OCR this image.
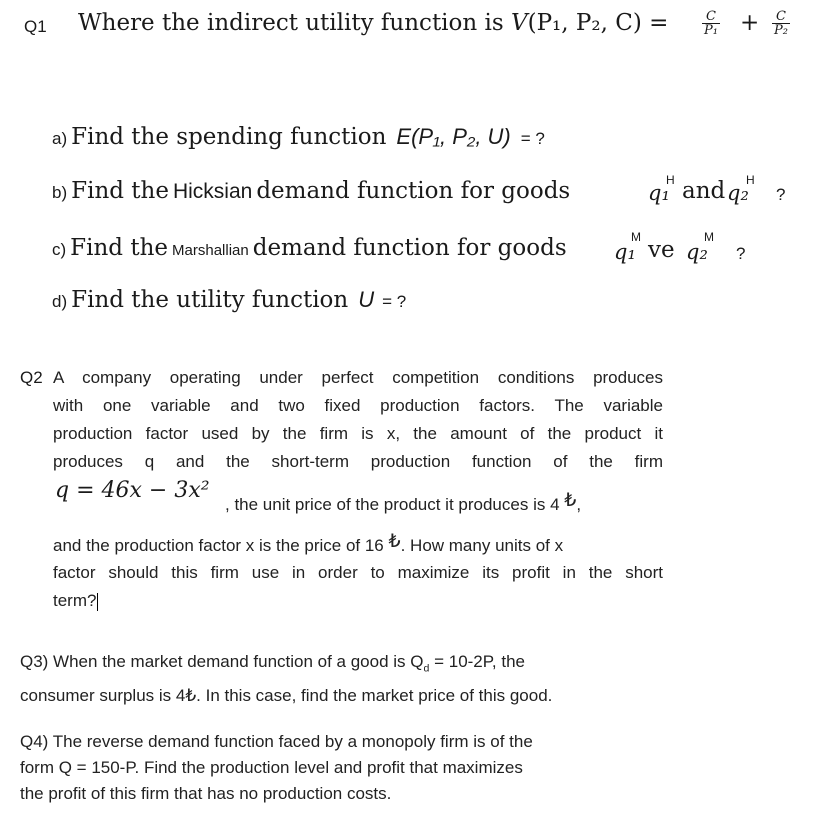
Q1 Where the indirect utility function is V(P₁, P₂, C) =	$\frac{C}{\text{P₁}} + \frac{C}{\text{P₂}}$
a) Find the spending function E(P₁, P₂, U) = ?
b) Find the Hicksian demand function for goods	q₁
H and q₂
H
?
c) Find the Marshallian demand function for goods q₁
M ve q₂
M
?
d) Find the utility function U = ?
Q2 A company operating under perfect competition conditions produces
with one variable and two fixed production factors. The variable
production factor used by the firm is x, the amount of the product it
produces q and the short-term production function of the firm
q = 46x − 3x²
, the unit price of the product it produces is 4 ₺,
and the production factor x is the price of 16 ₺. How many units of x
factor should this firm use in order to maximize its profit in the short
term?
Q3) When the market demand function of a good is $Q_d = 10-2P$, the
consumer surplus is 4₺. In this case, find the market price of this good.
Q4) The reverse demand function faced by a monopoly firm is of the
form Q = 150-P. Find the production level and profit that maximizes
the profit of this firm that has no production costs.
